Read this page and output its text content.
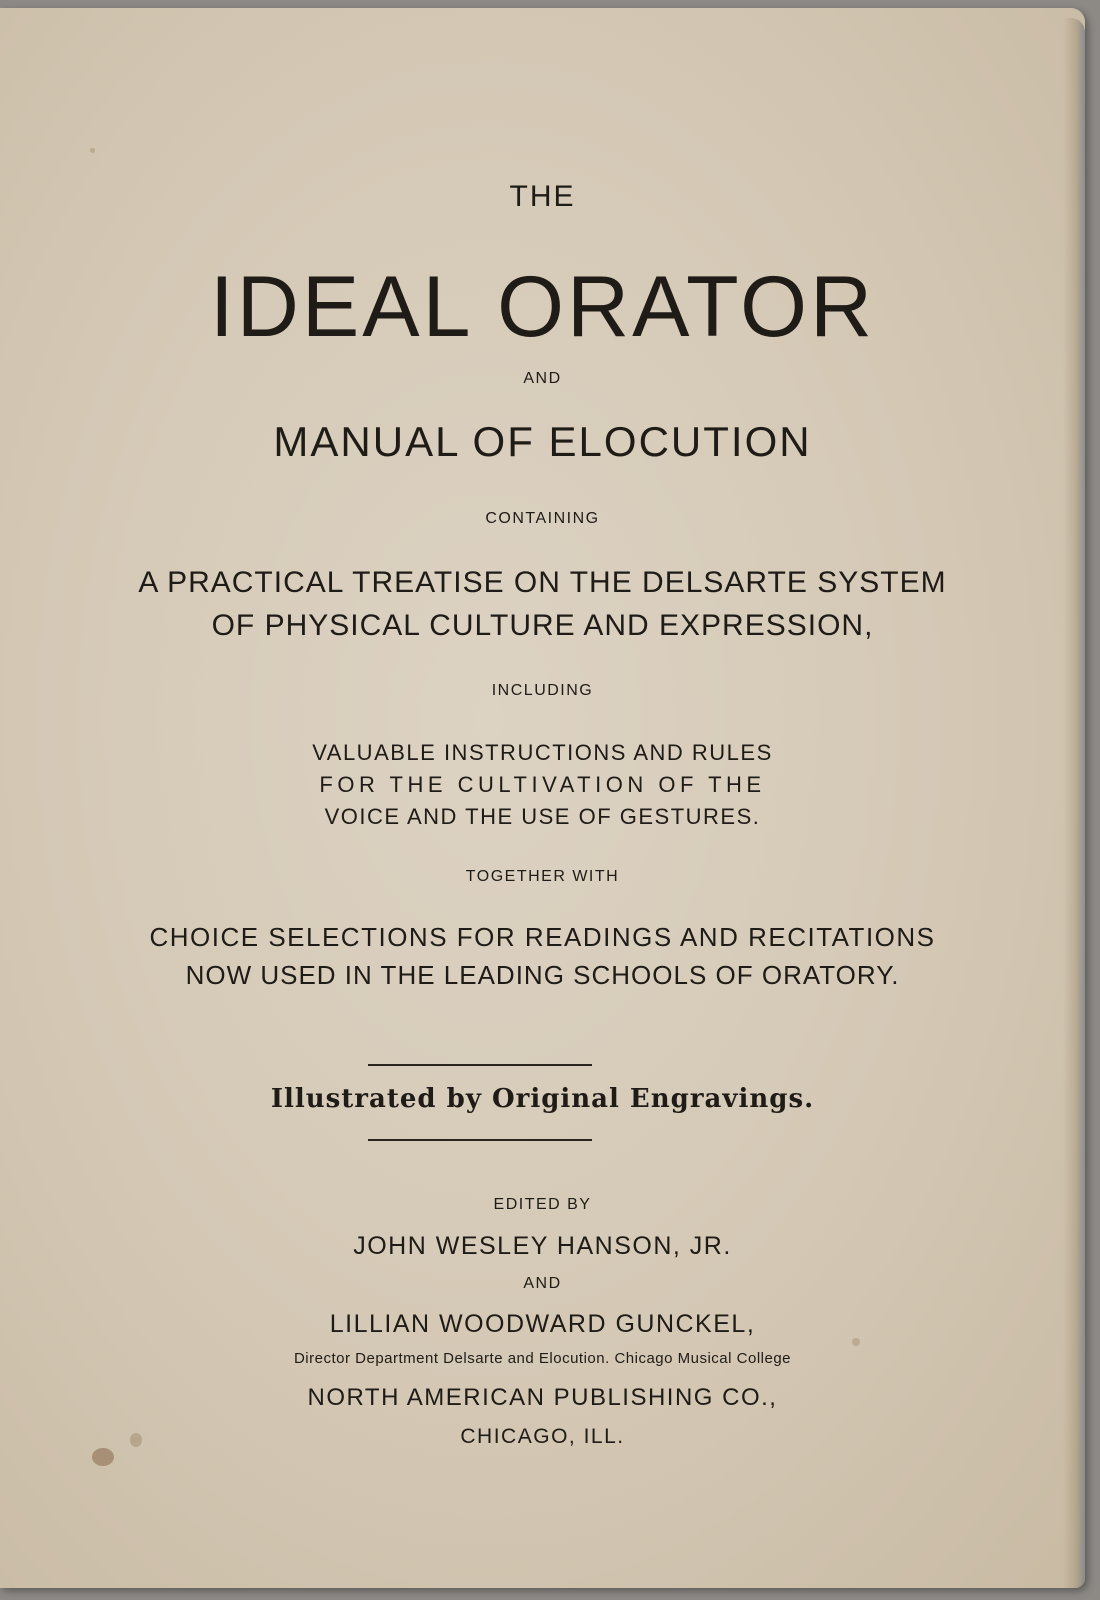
THE
IDEAL ORATOR
AND
MANUAL OF ELOCUTION
CONTAINING
A PRACTICAL TREATISE ON THE DELSARTE SYSTEM
OF PHYSICAL CULTURE AND EXPRESSION,
INCLUDING
VALUABLE INSTRUCTIONS AND RULES
FOR THE CULTIVATION OF THE
VOICE AND THE USE OF GESTURES.
TOGETHER WITH
CHOICE SELECTIONS FOR READINGS AND RECITATIONS
NOW USED IN THE LEADING SCHOOLS OF ORATORY.
Illustrated by Original Engravings.
EDITED BY
JOHN WESLEY HANSON, JR.
AND
LILLIAN WOODWARD GUNCKEL,
Director Department Delsarte and Elocution. Chicago Musical College
NORTH AMERICAN PUBLISHING CO.,
CHICAGO, ILL.
